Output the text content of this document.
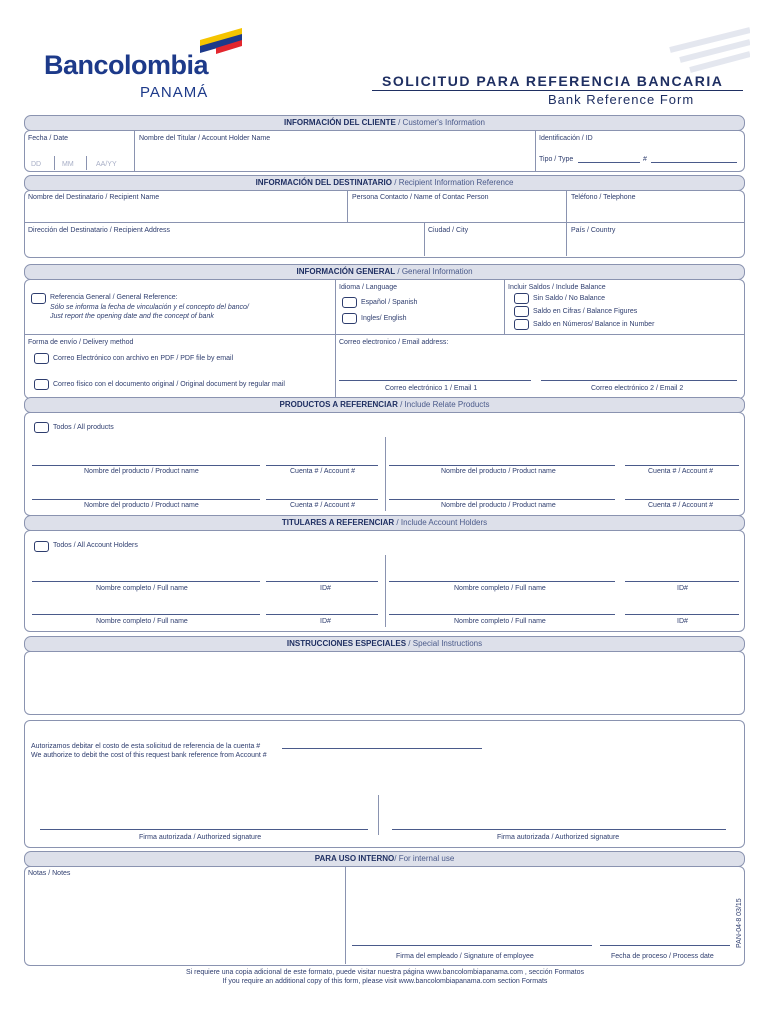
Bancolombia
PANAMÁ
SOLICITUD PARA REFERENCIA BANCARIA
Bank Reference Form
INFORMACIÓN DEL CLIENTE / Customer's Information
Fecha / Date
DD	MM	AA/YY
Nombre del Titular / Account Holder Name	Identificación / ID
Tipo / Type	#
INFORMACIÓN DEL DESTINATARIO / Recipient Information Reference
Nombre del Destinatario / Recipient Name	Persona Contacto / Name of Contac Person	Teléfono / Telephone
Dirección del Destinatario / Recipient Address	Ciudad / City	País / Country
INFORMACIÓN GENERAL / General Information
Referencia General / General Reference:
Sólo se informa la fecha de vinculación y el concepto del banco/
Just report the opening date and the concept of bank
Idioma / Language
Español / Spanish
Ingles/ English
Incluir Saldos / Include Balance
Sin Saldo / No Balance
Saldo en Cifras / Balance Figures
Saldo en Números/ Balance in Number
Forma de envío / Delivery method
Correo Electrónico con archivo en PDF / PDF file by email
Correo físico con el documento original / Original document by regular mail
Correo electronico / Email address:
Correo electrónico 1 / Email 1	Correo electrónico 2 / Email 2
PRODUCTOS A REFERENCIAR / Include Relate Products
Todos / All products
Nombre del producto / Product name	Cuenta # / Account #	Nombre del producto / Product name	Cuenta # / Account #
Nombre del producto / Product name	Cuenta # / Account #	Nombre del producto / Product name	Cuenta # / Account #
TITULARES A REFERENCIAR / Include Account Holders
Todos / All Account Holders
Nombre completo / Full name	ID#	Nombre completo / Full name	ID#
Nombre completo / Full name	ID#	Nombre completo / Full name	ID#
INSTRUCCIONES ESPECIALES / Special Instructions
Autorizamos debitar el costo de esta solicitud de referencia de la cuenta #
We authorize to debit the cost of this request bank reference from Account #
Firma autorizada / Authorized signature	Firma autorizada / Authorized signature
PARA USO INTERNO/ For internal use
Notas / Notes
Firma del empleado / Signature of employee	Fecha de proceso / Process date
PAN-04-8 03/15
Si requiere una copia adicional de este formato, puede visitar nuestra página www.bancolombiapanama.com , sección Formatos
If you require an additional copy of this form, please visit www.bancolombiapanama.com section Formats
